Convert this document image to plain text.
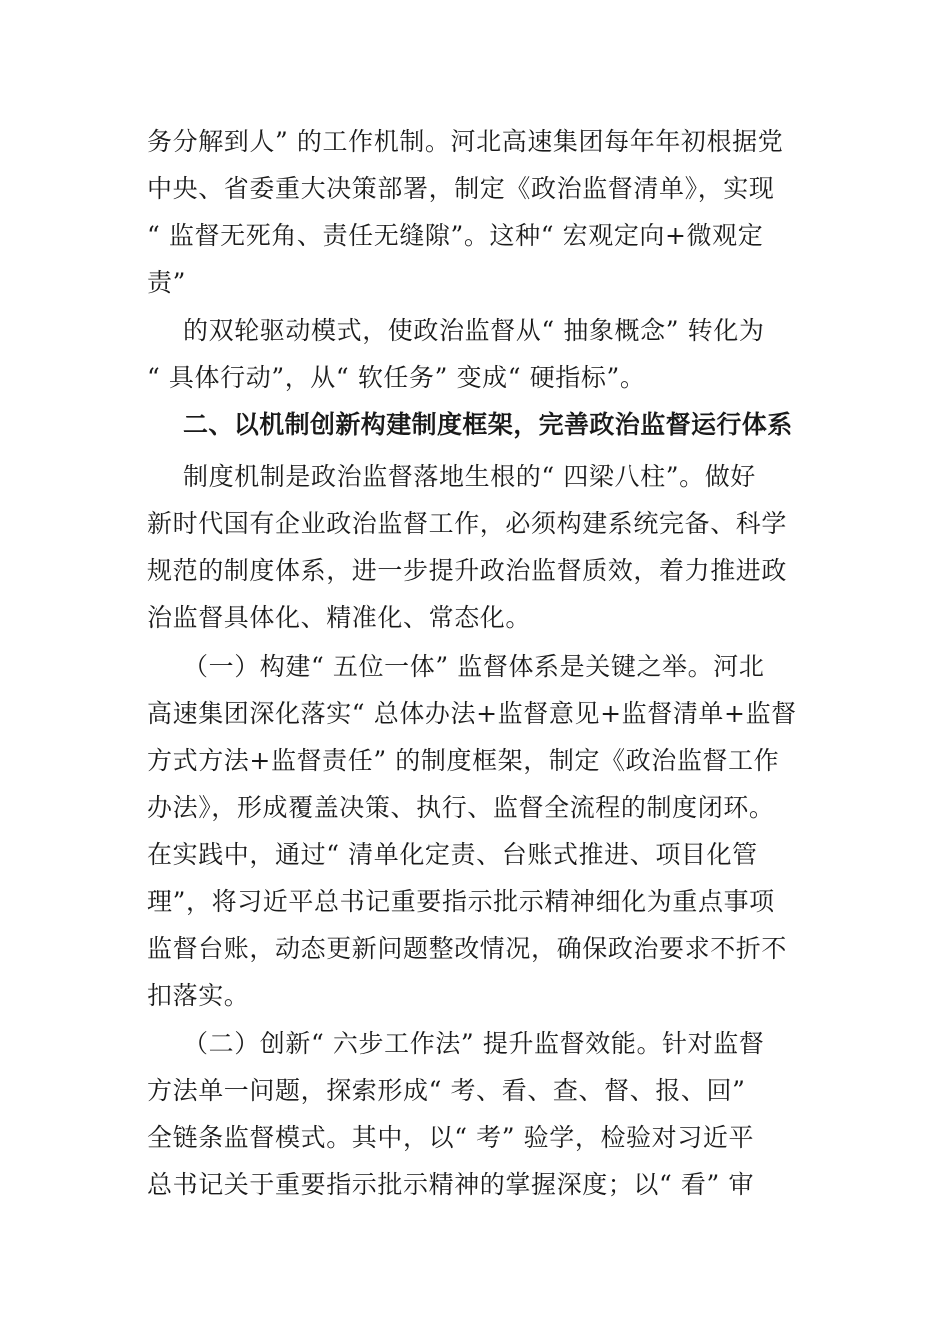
务分解到人” 的工作机制。河北高速集团每年年初根据党
中央、省委重大决策部署，制定《政治监督清单》，实现
“ 监督无死角、责任无缝隙”。这种“ 宏观定向+微观定
责”
的双轮驱动模式，使政治监督从“ 抽象概念” 转化为
“ 具体行动”，从“ 软任务” 变成“ 硬指标”。
二、以机制创新构建制度框架，完善政治监督运行体系
制度机制是政治监督落地生根的“ 四梁八柱”。做好
新时代国有企业政治监督工作，必须构建系统完备、科学
规范的制度体系，进一步提升政治监督质效，着力推进政
治监督具体化、精准化、常态化。
（一）构建“ 五位一体” 监督体系是关键之举。河北
高速集团深化落实“ 总体办法+监督意见+监督清单+监督
方式方法+监督责任” 的制度框架，制定《政治监督工作
办法》，形成覆盖决策、执行、监督全流程的制度闭环。
在实践中，通过“ 清单化定责、台账式推进、项目化管
理”，将习近平总书记重要指示批示精神细化为重点事项
监督台账，动态更新问题整改情况，确保政治要求不折不
扣落实。
（二）创新“ 六步工作法” 提升监督效能。针对监督
方法单一问题，探索形成“ 考、看、查、督、报、回”
全链条监督模式。其中，以“ 考” 验学，检验对习近平
总书记关于重要指示批示精神的掌握深度；以“ 看” 审
